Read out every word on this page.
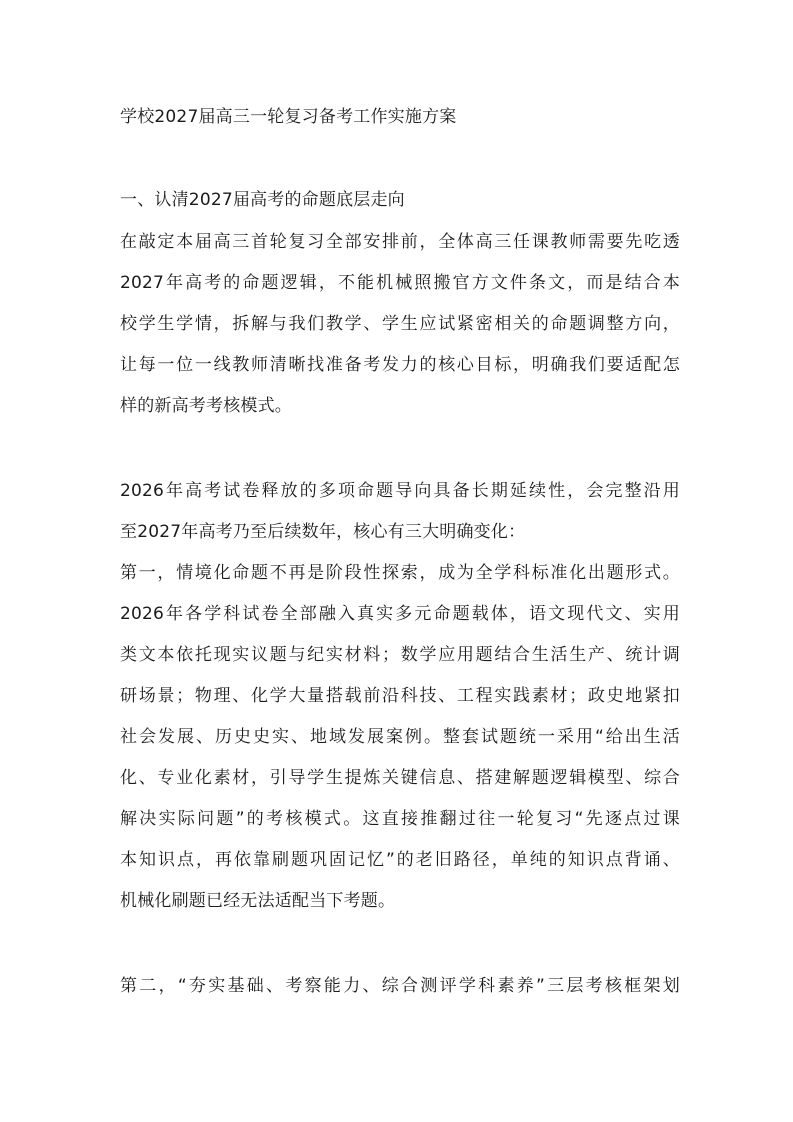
学校2027届高三一轮复习备考工作实施方案
一、认清2027届高考的命题底层走向
在敲定本届高三首轮复习全部安排前，全体高三任课教师需要先吃透
2027年高考的命题逻辑，不能机械照搬官方文件条文，而是结合本
校学生学情，拆解与我们教学、学生应试紧密相关的命题调整方向，
让每一位一线教师清晰找准备考发力的核心目标，明确我们要适配怎
样的新高考考核模式。
2026年高考试卷释放的多项命题导向具备长期延续性，会完整沿用
至2027年高考乃至后续数年，核心有三大明确变化：
第一，情境化命题不再是阶段性探索，成为全学科标准化出题形式。
2026年各学科试卷全部融入真实多元命题载体，语文现代文、实用
类文本依托现实议题与纪实材料；数学应用题结合生活生产、统计调
研场景；物理、化学大量搭载前沿科技、工程实践素材；政史地紧扣
社会发展、历史史实、地域发展案例。整套试题统一采用“给出生活
化、专业化素材，引导学生提炼关键信息、搭建解题逻辑模型、综合
解决实际问题”的考核模式。这直接推翻过往一轮复习“先逐点过课
本知识点，再依靠刷题巩固记忆”的老旧路径，单纯的知识点背诵、
机械化刷题已经无法适配当下考题。
第二，“夯实基础、考察能力、综合测评学科素养”三层考核框架划
